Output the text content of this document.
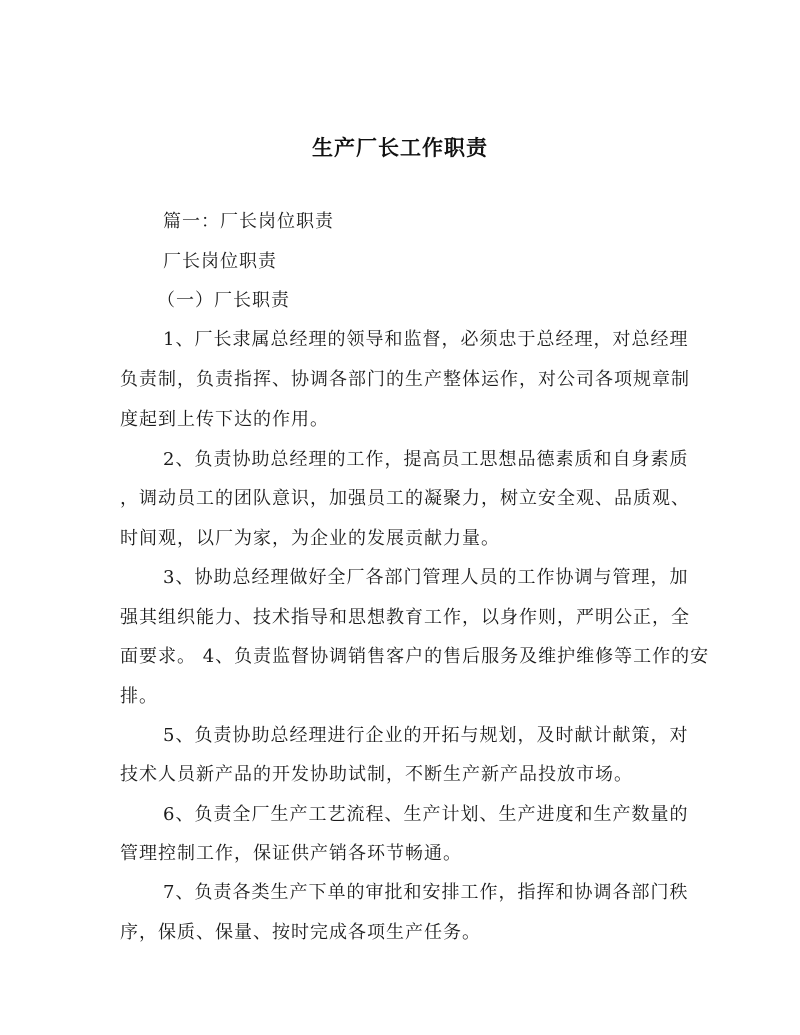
生产厂长工作职责
篇一：厂长岗位职责
厂长岗位职责
（一）厂长职责
1、厂长隶属总经理的领导和监督，必须忠于总经理，对总经理
负责制，负责指挥、协调各部门的生产整体运作，对公司各项规章制
度起到上传下达的作用。
2、负责协助总经理的工作，提高员工思想品德素质和自身素质
，调动员工的团队意识，加强员工的凝聚力，树立安全观、品质观、
时间观，以厂为家，为企业的发展贡献力量。
3、协助总经理做好全厂各部门管理人员的工作协调与管理，加
强其组织能力、技术指导和思想教育工作，以身作则，严明公正，全
面要求。 4、负责监督协调销售客户的售后服务及维护维修等工作的安
排。
5、负责协助总经理进行企业的开拓与规划，及时献计献策，对
技术人员新产品的开发协助试制，不断生产新产品投放市场。
6、负责全厂生产工艺流程、生产计划、生产进度和生产数量的
管理控制工作，保证供产销各环节畅通。
7、负责各类生产下单的审批和安排工作，指挥和协调各部门秩
序，保质、保量、按时完成各项生产任务。
